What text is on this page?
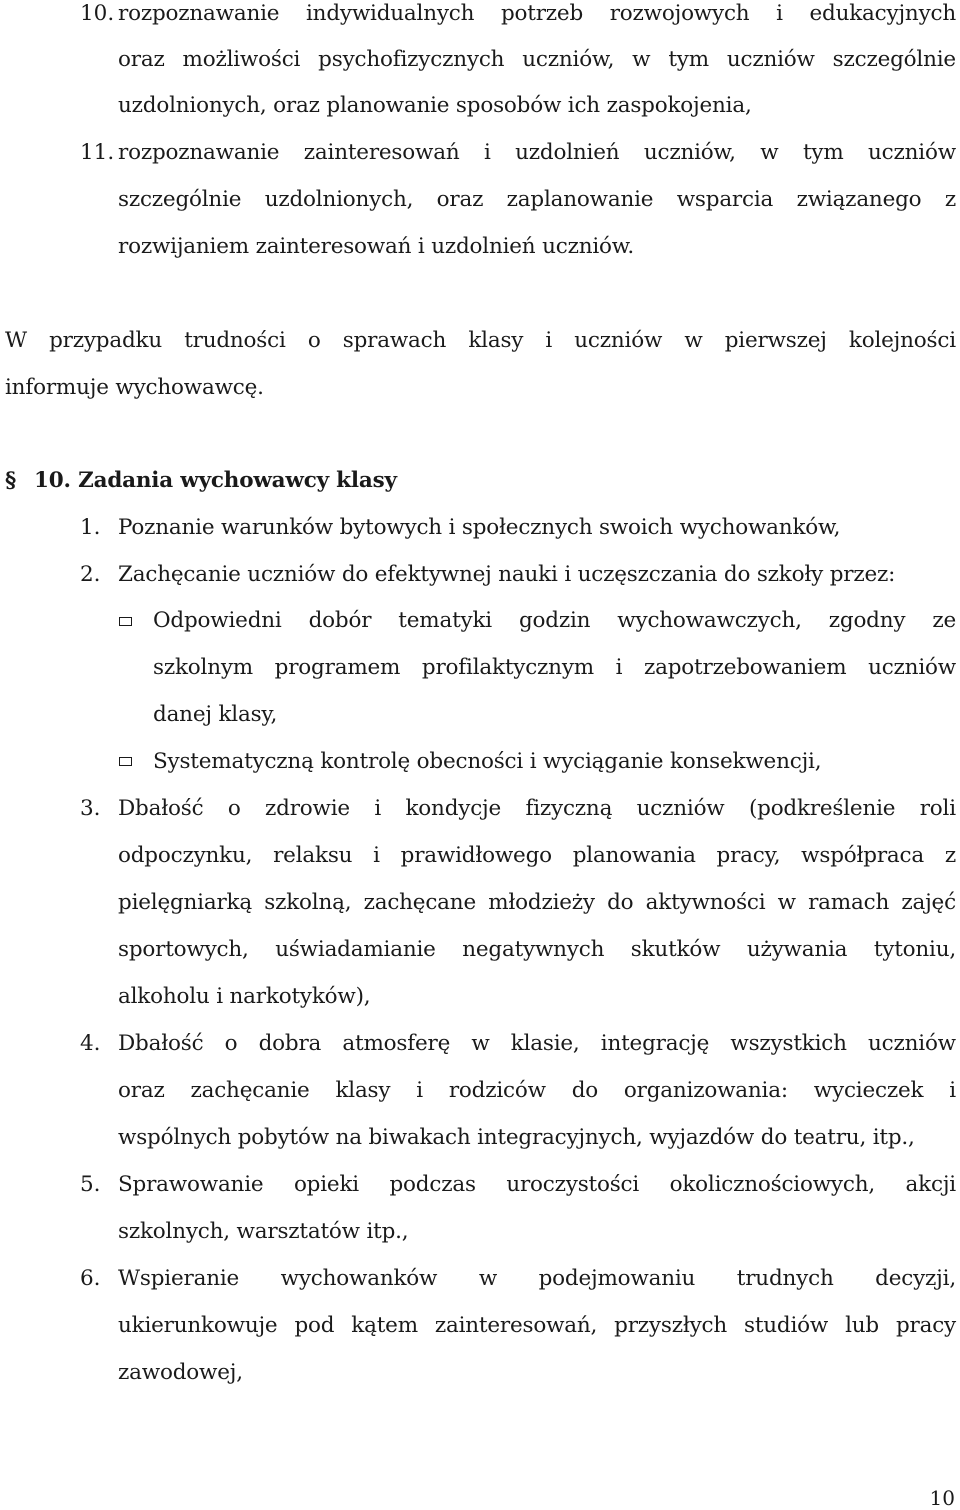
10. rozpoznawanie indywidualnych potrzeb rozwojowych i edukacyjnych
oraz możliwości psychofizycznych uczniów, w tym uczniów szczególnie
uzdolnionych, oraz planowanie sposobów ich zaspokojenia,
11. rozpoznawanie zainteresowań i uzdolnień uczniów, w tym uczniów
szczególnie uzdolnionych, oraz zaplanowanie wsparcia związanego z
rozwijaniem zainteresowań i uzdolnień uczniów.
W przypadku trudności o sprawach klasy i uczniów w pierwszej kolejności
informuje wychowawcę.
§ 10. Zadania wychowawcy klasy
1. Poznanie warunków bytowych i społecznych swoich wychowanków,
2. Zachęcanie uczniów do efektywnej nauki i uczęszczania do szkoły przez:
Odpowiedni dobór tematyki godzin wychowawczych, zgodny ze
szkolnym programem profilaktycznym i zapotrzebowaniem uczniów
danej klasy,
Systematyczną kontrolę obecności i wyciąganie konsekwencji,
3. Dbałość o zdrowie i kondycje fizyczną uczniów (podkreślenie roli
odpoczynku, relaksu i prawidłowego planowania pracy, współpraca z
pielęgniarką szkolną, zachęcane młodzieży do aktywności w ramach zajęć
sportowych, uświadamianie negatywnych skutków używania tytoniu,
alkoholu i narkotyków),
4. Dbałość o dobra atmosferę w klasie, integrację wszystkich uczniów
oraz zachęcanie klasy i rodziców do organizowania: wycieczek i
wspólnych pobytów na biwakach integracyjnych, wyjazdów do teatru, itp.,
5. Sprawowanie opieki podczas uroczystości okolicznościowych, akcji
szkolnych, warsztatów itp.,
6. Wspieranie wychowanków w podejmowaniu trudnych decyzji,
ukierunkowuje pod kątem zainteresowań, przyszłych studiów lub pracy
zawodowej,
10
